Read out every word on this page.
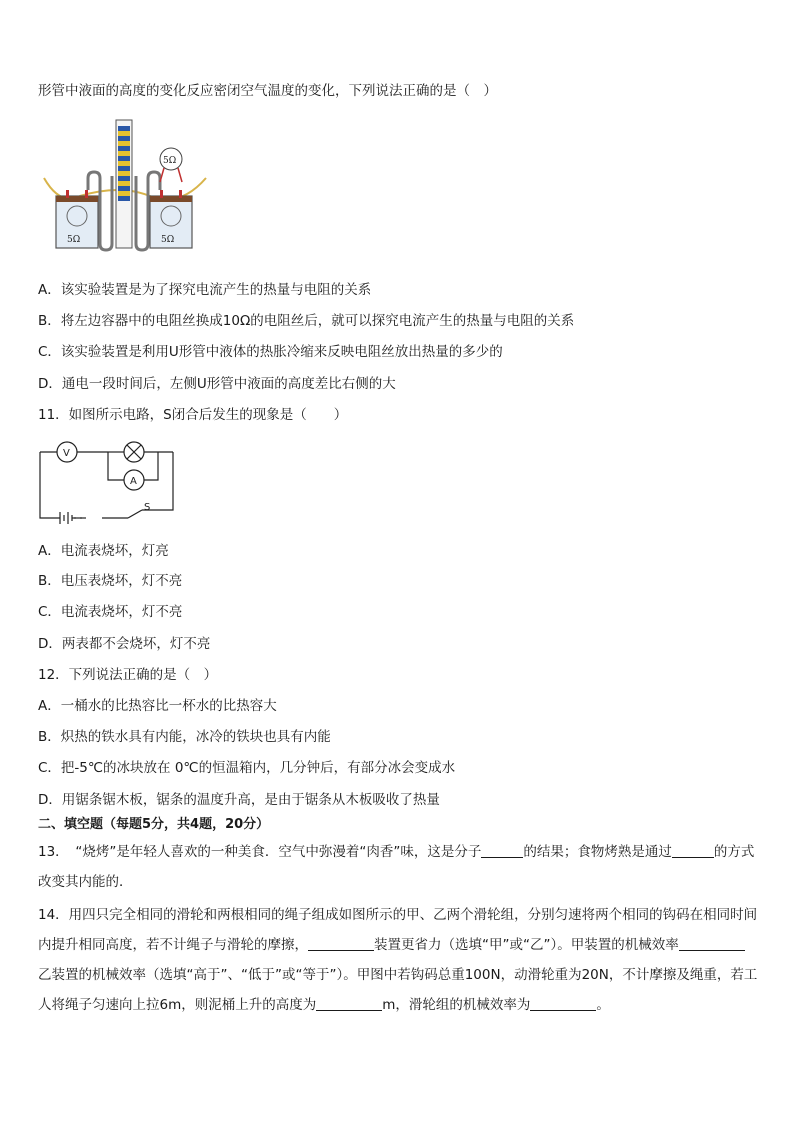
形管中液面的高度的变化反应密闭空气温度的变化，下列说法正确的是（　）
5Ω	5Ω
5Ω
A．该实验装置是为了探究电流产生的热量与电阻的关系
B．将左边容器中的电阻丝换成10Ω的电阻丝后，就可以探究电流产生的热量与电阻的关系
C．该实验装置是利用U形管中液体的热胀冷缩来反映电阻丝放出热量的多少的
D．通电一段时间后，左侧U形管中液面的高度差比右侧的大
11．如图所示电路，S闭合后发生的现象是（　　）
V
A
S
A．电流表烧坏，灯亮
B．电压表烧坏，灯不亮
C．电流表烧坏，灯不亮
D．两表都不会烧坏，灯不亮
12．下列说法正确的是（　）
A．一桶水的比热容比一杯水的比热容大
B．炽热的铁水具有内能，冰冷的铁块也具有内能
C．把-5℃的冰块放在 0℃的恒温箱内，几分钟后，有部分冰会变成水
D．用锯条锯木板，锯条的温度升高，是由于锯条从木板吸收了热量
二、填空题（每题5分，共4题，20分）
13．　“烧烤”是年轻人喜欢的一种美食．空气中弥漫着“肉香”味，这是分子	的结果；食物烤熟是通过	的方式改变其内能的．
14．用四只完全相同的滑轮和两根相同的绳子组成如图所示的甲、乙两个滑轮组，分别匀速将两个相同的钩码在相同时间内提升相同高度，若不计绳子与滑轮的摩擦，	装置更省力（选填“甲”或“乙”）。甲装置的机械效率乙装置的机械效率（选填“高于”、“低于”或“等于”）。甲图中若钩码总重100N，动滑轮重为20N，不计摩擦及绳重，若工人将绳子匀速向上拉6m，则泥桶上升的高度为	m，滑轮组的机械效率为	。
